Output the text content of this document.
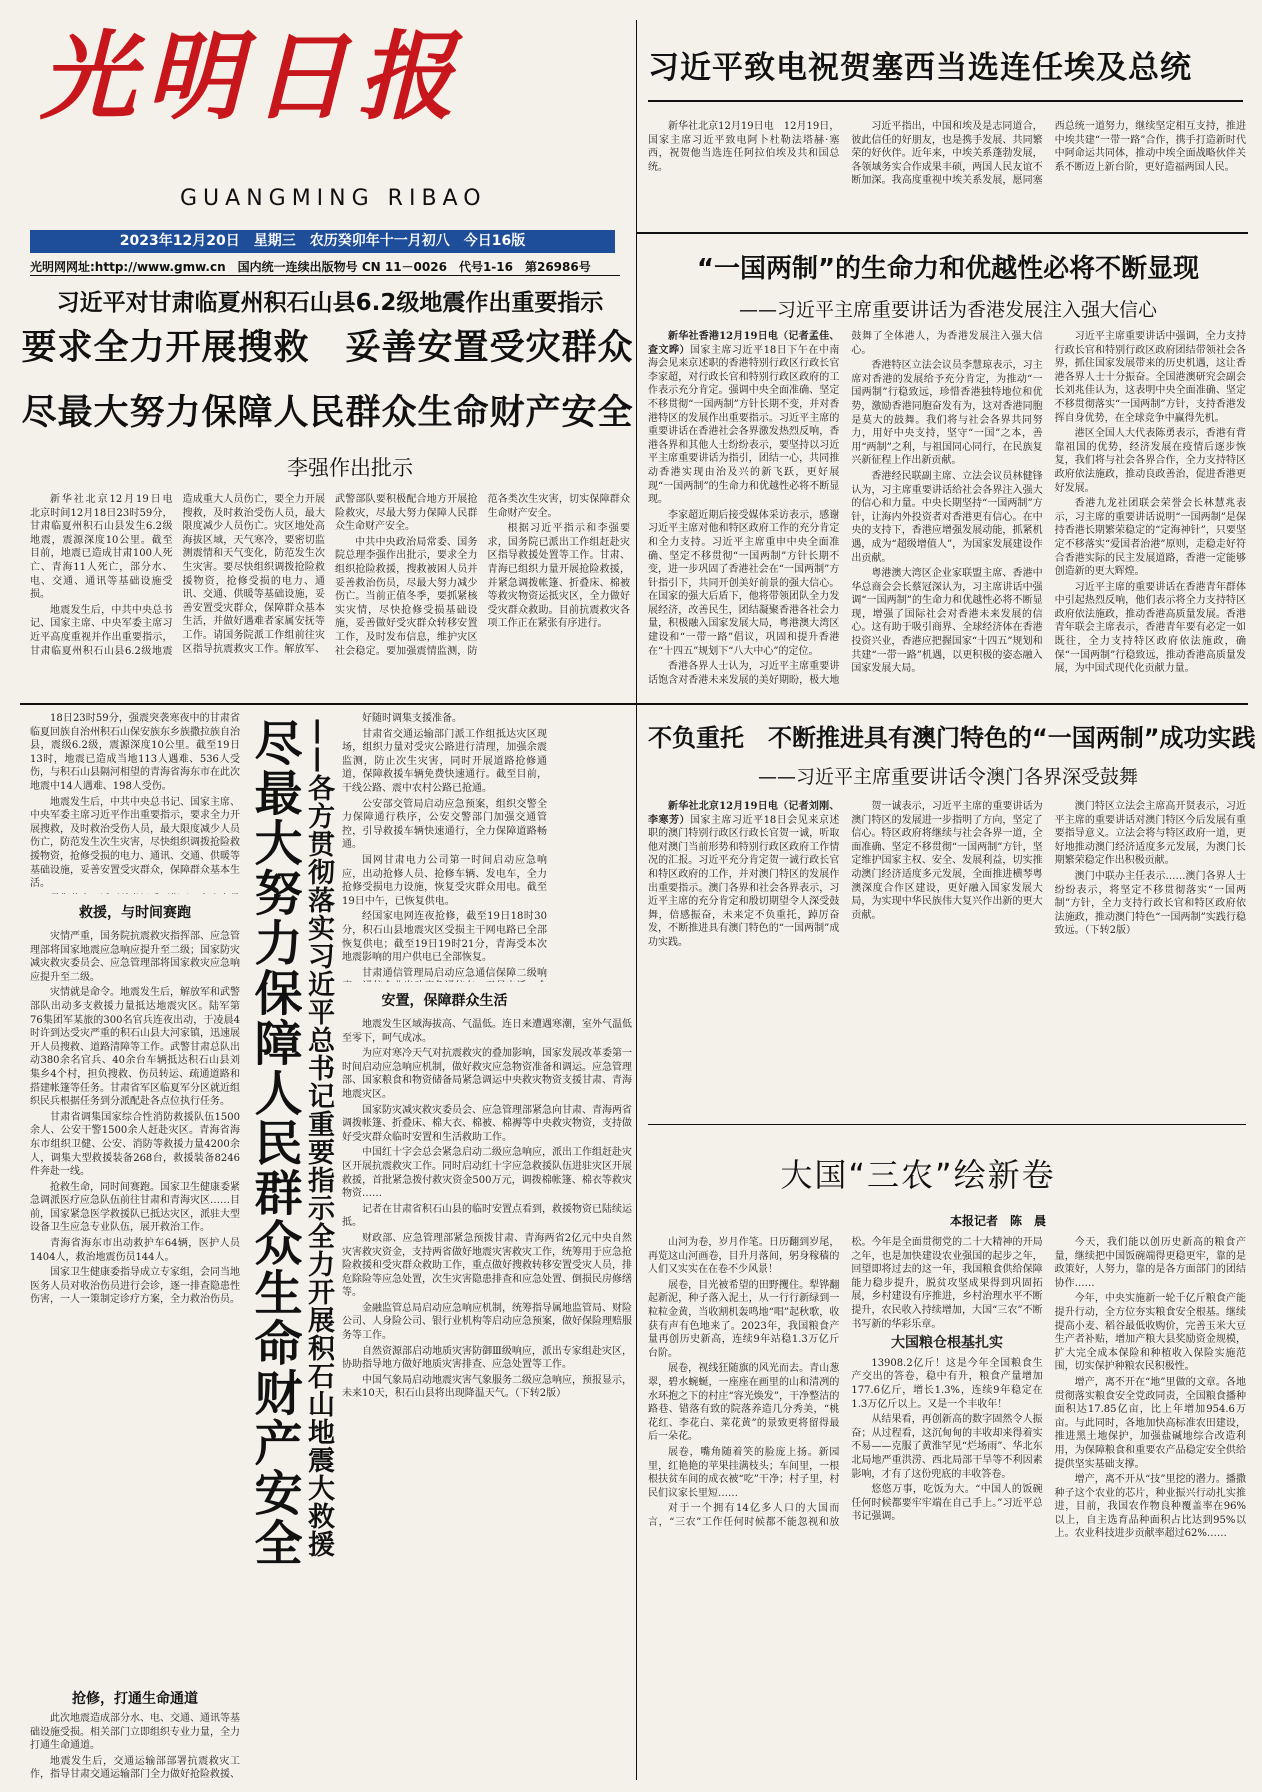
光明日报
GUANGMING RIBAO
2023年12月20日　星期三　农历癸卯年十一月初八　今日16版
光明网网址:http://www.gmw.cn　国内统一连续出版物号 CN 11－0026　代号1-16　第26986号
习近平致电祝贺塞西当选连任埃及总统

新华社北京12月19日电　12月19日，国家主席习近平致电阿卜杜勒法塔赫·塞西，祝贺他当选连任阿拉伯埃及共和国总统。

习近平指出，中国和埃及是志同道合，彼此信任的好朋友，也是携手发展、共同繁荣的好伙伴。近年来，中埃关系蓬勃发展，各领域务实合作成果丰硕，两国人民友谊不断加深。我高度重视中埃关系发展，愿同塞西总统一道努力，继续坚定相互支持，推进中埃共建“一带一路”合作，携手打造新时代中阿命运共同体，推动中埃全面战略伙伴关系不断迈上新台阶，更好造福两国人民。

习近平对甘肃临夏州积石山县6.2级地震作出重要指示
要求全力开展搜救　妥善安置受灾群众
尽最大努力保障人民群众生命财产安全
李强作出批示

新华社北京12月19日电　北京时间12月18日23时59分，甘肃临夏州积石山县发生6.2级地震，震源深度10公里。截至目前，地震已造成甘肃100人死亡、青海11人死亡，部分水、电、交通、通讯等基础设施受损。

地震发生后，中共中央总书记、国家主席、中央军委主席习近平高度重视并作出重要指示，甘肃临夏州积石山县6.2级地震造成重大人员伤亡，要全力开展搜救，及时救治受伤人员，最大限度减少人员伤亡。灾区地处高海拔区域，天气寒冷，要密切监测震情和天气变化，防范发生次生灾害。要尽快组织调拨抢险救援物资，抢修受损的电力、通讯、交通、供暖等基础设施，妥善安置受灾群众，保障群众基本生活，并做好遇难者家属安抚等工作。请国务院派工作组前往灾区指导抗震救灾工作。解放军、武警部队要积极配合地方开展抢险救灾，尽最大努力保障人民群众生命财产安全。

中共中央政治局常委、国务院总理李强作出批示，要求全力组织抢险救援，搜救被困人员并妥善救治伤员，尽最大努力减少伤亡。当前正值冬季，要抓紧核实灾情，尽快抢修受损基础设施，妥善做好受灾群众转移安置工作，及时发布信息，维护灾区社会稳定。要加强震情监测，防范各类次生灾害，切实保障群众生命财产安全。

根据习近平指示和李强要求，国务院已派出工作组赶赴灾区指导救援处置等工作。甘肃、青海已组织力量开展抢险救援，并紧急调拨帐篷、折叠床、棉被等救灾物资运抵灾区，全力做好受灾群众救助。目前抗震救灾各项工作正在紧张有序进行。

“一国两制”的生命力和优越性必将不断显现
——习近平主席重要讲话为香港发展注入强大信心

新华社香港12月19日电（记者孟佳、查文晔）国家主席习近平18日下午在中南海会见来京述职的香港特别行政区行政长官李家超，对行政长官和特别行政区政府的工作表示充分肯定。强调中央全面准确、坚定不移贯彻“一国两制”方针长期不变，并对香港特区的发展作出重要指示。习近平主席的重要讲话在香港社会各界激发热烈反响，香港各界和其他人士纷纷表示，要坚持以习近平主席重要讲话为指引，团结一心，共同推动香港实现由治及兴的新飞跃，更好展现“一国两制”的生命力和优越性必将不断显现。

李家超近期后接受媒体采访表示，感谢习近平主席对他和特区政府工作的充分肯定和全力支持。习近平主席重申中央全面准确、坚定不移贯彻“一国两制”方针长期不变，进一步巩固了香港社会在“一国两制”方针指引下，共同开创美好前景的强大信心。在国家的强大后盾下，他将带领团队全力发展经济，改善民生，团结凝聚香港各社会力量，积极融入国家发展大局，粤港澳大湾区建设和“一带一路”倡议，巩固和提升香港在“十四五”规划下“八大中心”的定位。

香港各界人士认为，习近平主席重要讲话饱含对香港未来发展的美好期盼，极大地鼓舞了全体港人，为香港发展注入强大信心。

香港特区立法会议员李慧琼表示，习主席对香港的发展给予充分肯定，为推动“一国两制”行稳致远，珍惜香港独特地位和优势，激励香港同胞奋发有为，这对香港同胞是莫大的鼓舞。我们将与社会各界共同努力，用好中央支持，坚守“一国”之本，善用“两制”之利，与祖国同心同行，在民族复兴新征程上作出新贡献。

香港经民联副主席、立法会议员林健锋认为，习主席重要讲话给社会各界注入强大的信心和力量。中央长期坚持“一国两制”方针，让海内外投资者对香港更有信心。在中央的支持下，香港应增强发展动能，抓紧机遇，成为“超级增值人”，为国家发展建设作出贡献。

粤港澳大湾区企业家联盟主席、香港中华总商会会长蔡冠深认为，习主席讲话中强调“一国两制”的生命力和优越性必将不断显现，增强了国际社会对香港未来发展的信心。这有助于吸引商界、全球经济体在香港投资兴业，香港应把握国家“十四五”规划和共建“一带一路”机遇，以更积极的姿态融入国家发展大局。

习近平主席重要讲话中强调，全力支持行政长官和特别行政区政府团结带领社会各界，抓住国家发展带来的历史机遇，这让香港各界人士十分振奋。全国港澳研究会副会长刘兆佳认为，这表明中央全面准确、坚定不移贯彻落实“一国两制”方针，支持香港发挥自身优势，在全球竞争中赢得先机。

港区全国人大代表陈勇表示，香港有背靠祖国的优势，经济发展在疫情后逐步恢复，我们将与社会各界合作，全力支持特区政府依法施政，推动良政善治，促进香港更好发展。

香港九龙社团联会荣誉会长林慧兆表示，习主席的重要讲话说明“一国两制”是保持香港长期繁荣稳定的“定海神针”，只要坚定不移落实“爱国者治港”原则，走稳走好符合香港实际的民主发展道路，香港一定能够创造新的更大辉煌。

习近平主席的重要讲话在香港青年群体中引起热烈反响，他们表示将全力支持特区政府依法施政，推动香港高质量发展。香港青年联会主席表示，香港青年要有必定一如既往，全力支持特区政府依法施政，确保“一国两制”行稳致远，推动香港高质量发展，为中国式现代化贡献力量。

18日23时59分，强震突袭寒夜中的甘肃省临夏回族自治州积石山保安族东乡族撒拉族自治县，震级6.2级，震源深度10公里。截至19日13时，地震已造成当地113人遇难、536人受伤，与积石山县隔河相望的青海省海东市在此次地震中14人遇难、198人受伤。

地震发生后，中共中央总书记、国家主席、中央军委主席习近平作出重要指示，要求全力开展搜救，及时救治受伤人员，最大限度减少人员伤亡，防范发生次生灾害，尽快组织调拨抢险救援物资，抢修受损的电力、通讯、交通、供暖等基础设施，妥善安置受灾群众，保障群众基本生活。

救援，与时间赛跑

灾情严重，国务院抗震救灾指挥部、应急管理部将国家地震应急响应提升至二级；国家防灾减灾救灾委员会、应急管理部将国家救灾应急响应提升至二级。

灾情就是命令。地震发生后，解放军和武警部队出动多支救援力量抵达地震灾区。陆军第76集团军某旅的300名官兵连夜出动，于凌晨4时许到达受灾严重的积石山县大河家镇，迅速展开人员搜救、道路清障等工作。武警甘肃总队出动380余名官兵、40余台车辆抵达积石山县刘集乡4个村，担负搜救、伤员转运、疏通道路和搭建帐篷等任务。甘肃省军区临夏军分区就近组织民兵根据任务到分派配赴各点位执行任务。

甘肃省调集国家综合性消防救援队伍1500余人、公安干警1500余人赶赴灾区。青海省海东市组织卫健、公安、消防等救援力量4200余人，调集大型救援装备268台，救援装备8246件奔赴一线。

抢救生命，同时间赛跑。国家卫生健康委紧急调派医疗应急队伍前往甘肃和青海灾区……目前，国家紧急医学救援队已抵达灾区，派驻大型设备卫生应急专业队伍，展开救治工作。

青海省海东市出动救护车64辆，医护人员1404人，救治地震伤员144人。

国家卫生健康委指导成立专家组，会同当地医务人员对收治伤员进行会诊，逐一排查隐患性伤害，一人一策制定诊疗方案，全力救治伤员。

抢修，打通生命通道

此次地震造成部分水、电、交通、通讯等基础设施受损。相关部门立即组织专业力量，全力打通生命通道。

地震发生后，交通运输部部署抗震救灾工作，指导甘肃交通运输部门全力做好抢险救援、

尽最大努力保障人民群众生命财产安全 ——各方贯彻落实习近平总书记重要指示全力开展积石山地震大救援	好随时调集支援准备。

甘肃省交通运输部门派工作组抵达灾区现场，组织力量对受灾公路进行清理，加强余震监测，防止次生灾害，同时开展道路抢修通道，保障救援车辆免费快速通行。截至目前，干线公路、震中农村公路已抢通。

公安部交管局启动应急预案，组织交警全力保障通行秩序，公安交警部门加强交通管控，引导救援车辆快速通行，全力保障道路畅通。

国网甘肃电力公司第一时间启动应急响应，出动抢修人员、抢修车辆、发电车，全力抢修受损电力设施，恢复受灾群众用电。截至19日中午，已恢复供电。

经国家电网连夜抢修，截至19日18时30分，积石山县地震灾区受损主干网电路已全部恢复供电；截至19日19时21分，青海受本次地震影响的用户供电已全部恢复。

甘肃通信管理局启动应急通信保障二级响

安置，保障群众生活

地震发生区域海拔高、气温低。连日来遭遇寒潮，室外气温低至零下，呵气成冰。

为应对寒冷天气对抗震救灾的叠加影响，国家发展改革委第一时间启动应急响应机制，做好救灾应急物资准备和调运。应急管理部、国家粮食和物资储备局紧急调运中央救灾物资支援甘肃、青海地震灾区。

国家防灾减灾救灾委员会、应急管理部紧急向甘肃、青海两省调拨帐篷、折叠床、棉大衣、棉被、棉褥等中央救灾物资，支持做好受灾群众临时安置和生活救助工作。

中国红十字会总会紧急启动二级应急响应，派出工作组赶赴灾区开展抗震救灾工作。同时启动红十字应急救援队伍进驻灾区开展救援，首批紧急拨付救灾资金500万元，调拨棉帐篷、棉衣等救灾物资……

记者在甘肃省积石山县的临时安置点看到，救援物资已陆续运抵。

财政部、应急管理部紧急预拨甘肃、青海两省2亿元中央自然灾害救灾资金，支持两省做好地震灾害救灾工作，统筹用于应急抢险救援和受灾群众救助工作，重点做好搜救转移安置受灾人员，排危除险等应急处置，次生灾害隐患排查和应急处置、倒损民房修缮等。

金融监管总局启动应急响应机制，统筹指导属地监管局、财险公司、人身险公司、银行业机构等启动应急预案，做好保险理赔服务等工作。

自然资源部启动地质灾害防御Ⅲ级响应，派出专家组赴灾区，协助指导地方做好地质灾害排查、应急处置等工作。

中国气象局启动地震灾害气象服务二级应急响应，预报显示，未来10天，积石山县将出现降温天气。（下转2版）

不负重托　不断推进具有澳门特色的“一国两制”成功实践
——习近平主席重要讲话令澳门各界深受鼓舞

新华社北京12月19日电（记者刘刚、李寒芳）国家主席习近平18日会见来京述职的澳门特别行政区行政长官贺一诚，听取他对澳门当前形势和特别行政区政府工作情况的汇报。习近平充分肯定贺一诚行政长官和特区政府的工作，并对澳门特区的发展作出重要指示。澳门各界和社会各界表示，习近平主席的充分肯定和殷切期望令人深受鼓舞，倍感振奋，未来定不负重托，踔厉奋发，不断推进具有澳门特色的“一国两制”成功实践。

贺一诚表示，习近平主席的重要讲话为澳门特区的发展进一步指明了方向，坚定了信心。特区政府将继续与社会各界一道，全面准确、坚定不移贯彻“一国两制”方针，坚定维护国家主权、安全、发展利益，切实推动澳门经济适度多元发展，全面推进横琴粤澳深度合作区建设，更好融入国家发展大局，为实现中华民族伟大复兴作出新的更大贡献。

澳门特区立法会主席高开贤表示，习近平主席的重要讲话对澳门特区今后发展有重要指导意义。立法会将与特区政府一道，更好地推动澳门经济适度多元发展，为澳门长期繁荣稳定作出积极贡献。

澳门中联办主任表示……澳门各界人士纷纷表示，将坚定不移贯彻落实“一国两制”方针，全力支持行政长官和特区政府依法施政，推动澳门特色“一国两制”实践行稳致远。（下转2版）

大国“三农”绘新卷
本报记者　陈　晨

山河为卷，岁月作笔。日历翻到岁尾，再览这山河画卷，目升月落间，躬身稼穑的人们又实实在在卷不少风景！

展卷，目光被希望的田野攫住。犁铧翻起新泥，种子落入泥土，从一行行新绿到一粒粒金黄，当收割机轰鸣地“唱”起秋歌，收获有声有色地来了。2023年，我国粮食产量再创历史新高，连续9年站稳1.3万亿斤台阶。

展卷，视线狂随旗的风光而去。青山葱翠，碧水蜿蜒，一座座在画里的山和清冽的水环抱之下的村庄“容光焕发”，干净整洁的路巷、错落有致的院落养造几分秀美，“桃花红、李花白、菜花黄”的景致更将留得最后一朵花。

展卷，嘴角随着笑的脸庞上扬。新园里，红艳艳的苹果挂满枝头；车间里，一根根扶贫车间的成衣被“吃”干净；村子里，村民们议家长里短……

对于一个拥有14亿多人口的大国而言，“三农”工作任何时候都不能忽视和放松。今年是全面贯彻党的二十大精神的开局之年，也是加快建设农业强国的起步之年，回望即将过去的这一年，我国粮食供给保障能力稳步提升，脱贫攻坚成果得到巩固拓展，乡村建设有序推进，乡村治理水平不断提升，农民收入持续增加，大国“三农”不断书写新的华彩乐章。

大国粮仓根基扎实

13908.2亿斤！这是今年全国粮食生产交出的答卷，稳中有升，粮食产量增加177.6亿斤，增长1.3%，连续9年稳定在1.3万亿斤以上。又是一个丰收年！

从结果看，再创新高的数字固然令人振奋；从过程看，这沉甸甸的丰收却来得着实不易——克服了黄淮罕见“烂场雨”、华北东北局地严重洪涝、西北局部干旱等不利因素影响，才有了这份兜底的丰收答卷。

悠悠万事，吃饭为大。“中国人的饭碗任何时候都要牢牢端在自己手上。”习近平总书记强调。

今天，我们能以创历史新高的粮食产量，继续把中国饭碗端得更稳更牢，靠的是政策好，人努力，靠的是各方面部门的团结协作……

今年，中央实施新一轮千亿斤粮食产能提升行动，全方位夯实粮食安全根基。继续提高小麦、稻谷最低收购价，完善玉米大豆生产者补贴，增加产粮大县奖励资金规模，扩大完全成本保险和种植收入保险实施范围，切实保护种粮农民积极性。

增产，离不开在“地”里做的文章。各地贯彻落实粮食安全党政同责，全国粮食播种面积达17.85亿亩，比上年增加954.6万亩。与此同时，各地加快高标准农田建设，推进黑土地保护，加强盐碱地综合改造利用，为保障粮食和重要农产品稳定安全供给提供坚实基础支撑。

增产，离不开从“技”里挖的潜力。播撒种子这个农业的芯片，种业振兴行动扎实推进，目前，我国农作物良种覆盖率在96%以上，自主选育品种面积占比达到95%以上。农业科技进步贡献率超过62%……
